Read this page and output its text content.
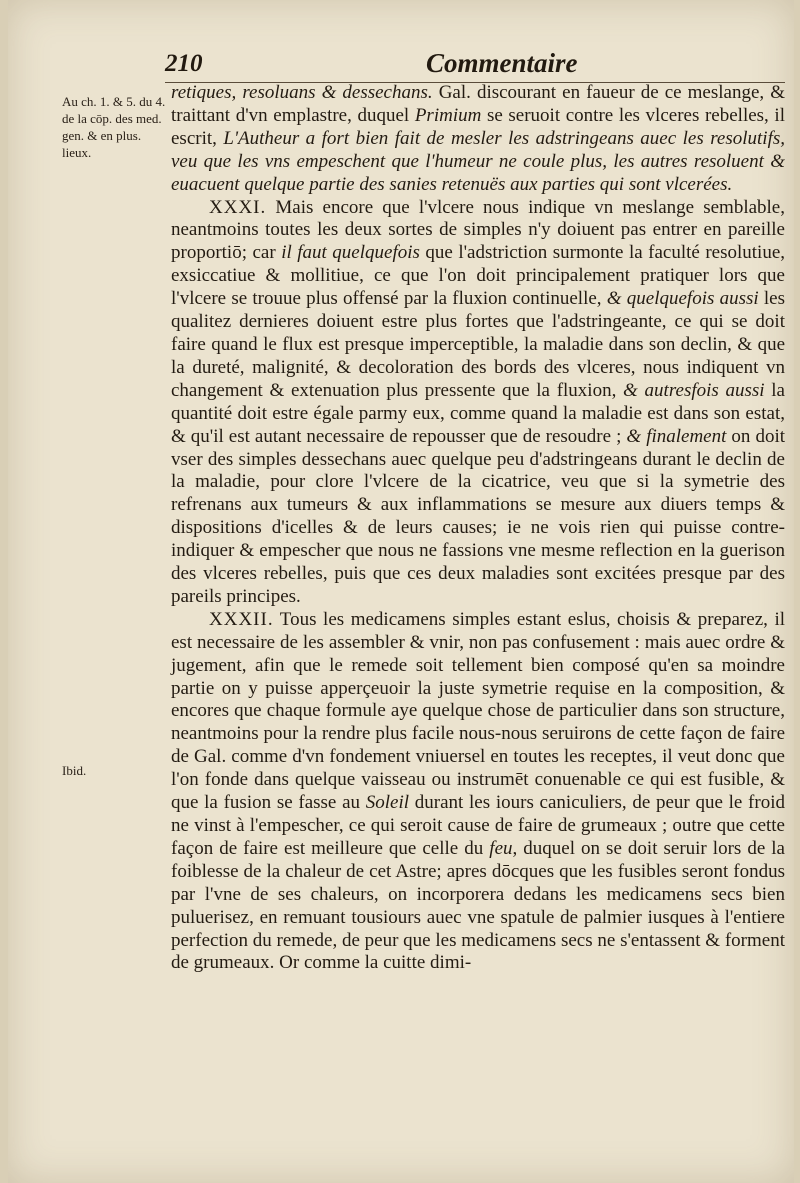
210	Commentaire
Au ch. 1. & 5. du 4. de la cōp. des med. gen. & en plus. lieux.
Ibid.

retiques, resoluans & dessechans. Gal. discourant en faueur de ce meslange, & traittant d'vn emplastre, duquel Primium se seruoit contre les vlceres rebelles, il escrit, L'Autheur a fort bien fait de mesler les adstringeans auec les resolutifs, veu que les vns empeschent que l'humeur ne coule plus, les autres resoluent & euacuent quelque partie des sanies retenuës aux parties qui sont vlcerées.

XXXI. Mais encore que l'vlcere nous indique vn meslange semblable, neantmoins toutes les deux sortes de simples n'y doiuent pas entrer en pareille proportiō; car il faut quelquefois que l'adstriction surmonte la faculté resolutiue, exsiccatiue & mollitiue, ce que l'on doit principalement pratiquer lors que l'vlcere se trouue plus offensé par la fluxion continuelle, & quelquefois aussi les qualitez dernieres doiuent estre plus fortes que l'adstringeante, ce qui se doit faire quand le flux est presque imperceptible, la maladie dans son declin, & que la dureté, malignité, & decoloration des bords des vlceres, nous indiquent vn changement & extenuation plus pressente que la fluxion, & autresfois aussi la quantité doit estre égale parmy eux, comme quand la maladie est dans son estat, & qu'il est autant necessaire de repousser que de resoudre ; & finalement on doit vser des simples dessechans auec quelque peu d'adstringeans durant le declin de la maladie, pour clore l'vlcere de la cicatrice, veu que si la symetrie des refrenans aux tumeurs & aux inflammations se mesure aux diuers temps & dispositions d'icelles & de leurs causes; ie ne vois rien qui puisse contre-indiquer & empescher que nous ne fassions vne mesme reflection en la guerison des vlceres rebelles, puis que ces deux maladies sont excitées presque par des pareils principes.

XXXII. Tous les medicamens simples estant eslus, choisis & preparez, il est necessaire de les assembler & vnir, non pas confusement : mais auec ordre & jugement, afin que le remede soit tellement bien composé qu'en sa moindre partie on y puisse apperçeuoir la juste symetrie requise en la composition, & encores que chaque formule aye quelque chose de particulier dans son structure, neantmoins pour la rendre plus facile nous-nous seruirons de cette façon de faire de Gal. comme d'vn fondement vniuersel en toutes les receptes, il veut donc que l'on fonde dans quelque vaisseau ou instrumēt conuenable ce qui est fusible, & que la fusion se fasse au Soleil durant les iours caniculiers, de peur que le froid ne vinst à l'empescher, ce qui seroit cause de faire de grumeaux ; outre que cette façon de faire est meilleure que celle du feu, duquel on se doit seruir lors de la foiblesse de la chaleur de cet Astre; apres dōcques que les fusibles seront fondus par l'vne de ses chaleurs, on incorporera dedans les medicamens secs bien puluerisez, en remuant tousiours auec vne spatule de palmier iusques à l'entiere perfection du remede, de peur que les medicamens secs ne s'entassent & forment de grumeaux. Or comme la cuitte dimi-
